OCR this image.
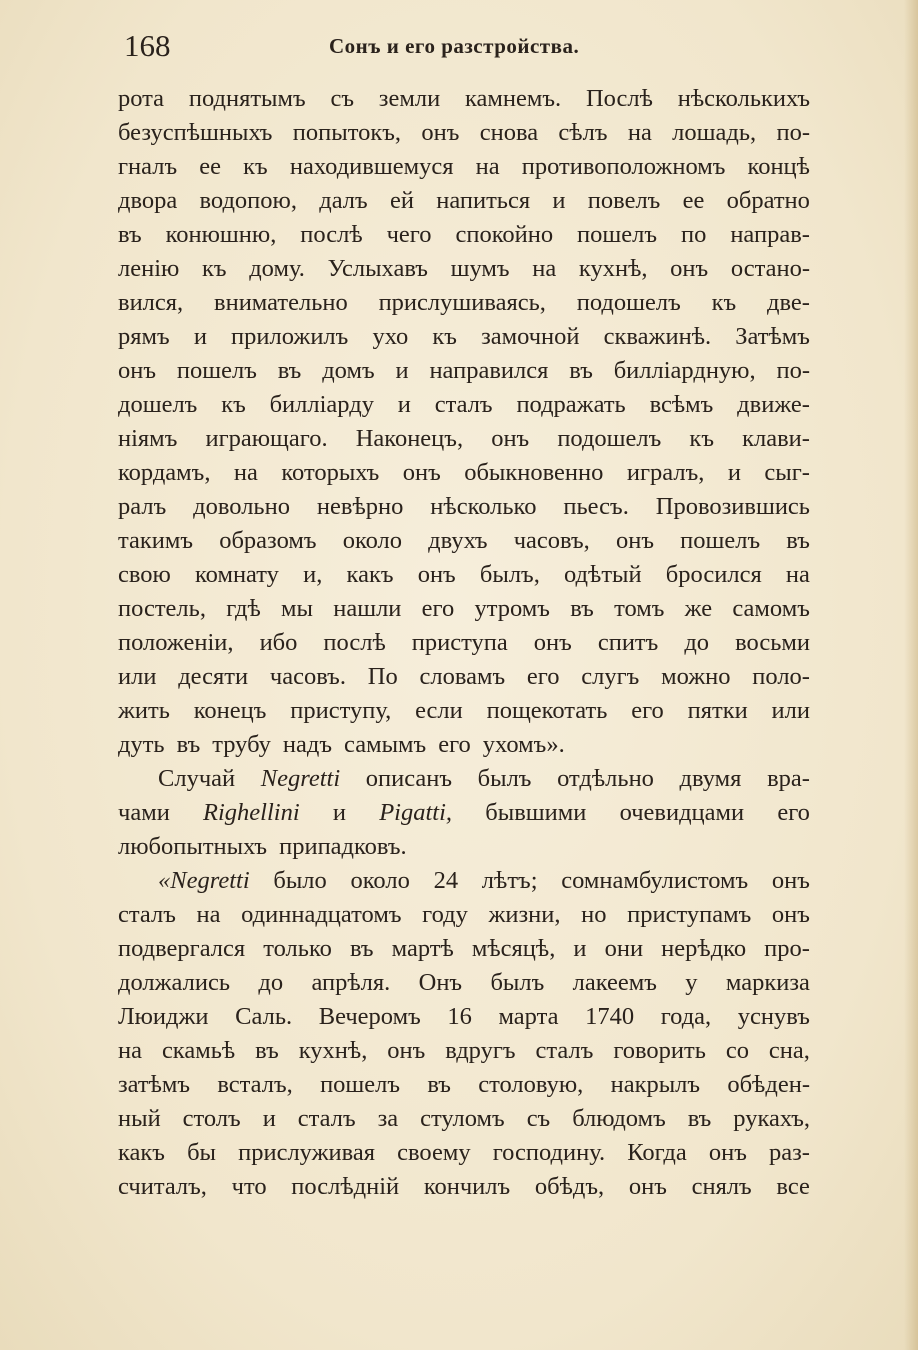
168	Сонъ и его разстройства.
рота поднятымъ съ земли камнемъ. Послѣ нѣсколькихъ
безуспѣшныхъ попытокъ, онъ снова сѣлъ на лошадь, по-
гналъ ее къ находившемуся на противоположномъ концѣ
двора водопою, далъ ей напиться и повелъ ее обратно
въ конюшню, послѣ чего спокойно пошелъ по направ-
ленію къ дому. Услыхавъ шумъ на кухнѣ, онъ остано-
вился, внимательно прислушиваясь, подошелъ къ две-
рямъ и приложилъ ухо къ замочной скважинѣ. Затѣмъ
онъ пошелъ въ домъ и направился въ билліардную, по-
дошелъ къ билліарду и сталъ подражать всѣмъ движе-
ніямъ играющаго. Наконецъ, онъ подошелъ къ клави-
кордамъ, на которыхъ онъ обыкновенно игралъ, и сыг-
ралъ довольно невѣрно нѣсколько пьесъ. Провозившись
такимъ образомъ около двухъ часовъ, онъ пошелъ въ
свою комнату и, какъ онъ былъ, одѣтый бросился на
постель, гдѣ мы нашли его утромъ въ томъ же самомъ
положеніи, ибо послѣ приступа онъ спитъ до восьми
или десяти часовъ. По словамъ его слугъ можно поло-
жить конецъ приступу, если пощекотать его пятки или
дуть въ трубу надъ самымъ его ухомъ».
Случай Negretti описанъ былъ отдѣльно двумя вра-
чами Righellini и Pigatti, бывшими очевидцами его
любопытныхъ припадковъ.
«Negretti было около 24 лѣтъ; сомнамбулистомъ онъ
сталъ на одиннадцатомъ году жизни, но приступамъ онъ
подвергался только въ мартѣ мѣсяцѣ, и они нерѣдко про-
должались до апрѣля. Онъ былъ лакеемъ у маркиза
Люиджи Саль. Вечеромъ 16 марта 1740 года, уснувъ
на скамьѣ въ кухнѣ, онъ вдругъ сталъ говорить со сна,
затѣмъ всталъ, пошелъ въ столовую, накрылъ обѣден-
ный столъ и сталъ за стуломъ съ блюдомъ въ рукахъ,
какъ бы прислуживая своему господину. Когда онъ раз-
считалъ, что послѣдній кончилъ обѣдъ, онъ снялъ все
